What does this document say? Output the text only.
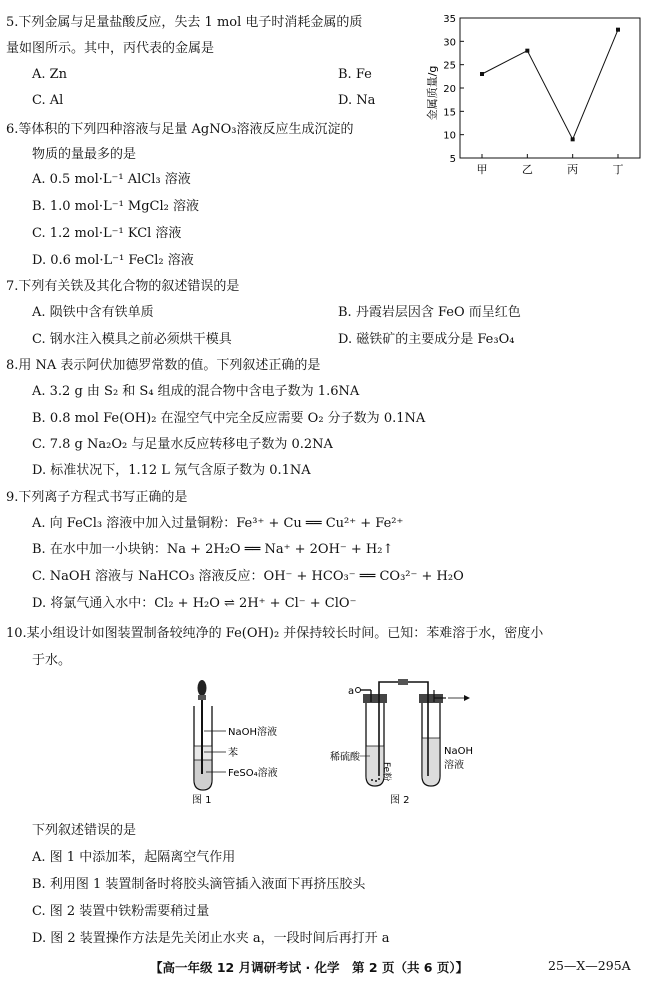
5.下列金属与足量盐酸反应，失去 1 mol 电子时消耗金属的质
量如图所示。其中，丙代表的金属是
A. Zn	B. Fe
C. Al	D. Na
5
10
15
20
25
30
35
甲	乙	丙	丁
金属质量/g
6.等体积的下列四种溶液与足量 AgNO₃溶液反应生成沉淀的
物质的量最多的是
A. 0.5 mol·L⁻¹ AlCl₃ 溶液
B. 1.0 mol·L⁻¹ MgCl₂ 溶液
C. 1.2 mol·L⁻¹ KCl 溶液
D. 0.6 mol·L⁻¹ FeCl₂ 溶液
7.下列有关铁及其化合物的叙述错误的是
A. 陨铁中含有铁单质	B. 丹霞岩层因含 FeO 而呈红色
C. 钢水注入模具之前必须烘干模具	D. 磁铁矿的主要成分是 Fe₃O₄
8.用 NA 表示阿伏加德罗常数的值。下列叙述正确的是
A. 3.2 g 由 S₂ 和 S₄ 组成的混合物中含电子数为 1.6NA
B. 0.8 mol Fe(OH)₂ 在湿空气中完全反应需要 O₂ 分子数为 0.1NA
C. 7.8 g Na₂O₂ 与足量水反应转移电子数为 0.2NA
D. 标准状况下，1.12 L 氖气含原子数为 0.1NA
9.下列离子方程式书写正确的是
A. 向 FeCl₃ 溶液中加入过量铜粉：Fe³⁺ + Cu ══ Cu²⁺ + Fe²⁺
B. 在水中加一小块钠：Na + 2H₂O ══ Na⁺ + 2OH⁻ + H₂↑
C. NaOH 溶液与 NaHCO₃ 溶液反应：OH⁻ + HCO₃⁻ ══ CO₃²⁻ + H₂O
D. 将氯气通入水中：Cl₂ + H₂O ⇌ 2H⁺ + Cl⁻ + ClO⁻
10.某小组设计如图装置制备较纯净的 Fe(OH)₂ 并保持较长时间。已知：苯难溶于水，密度小
于水。
NaOH溶液
苯
FeSO₄溶液
图 1
a
稀硫酸
Fe粉
NaOH
溶液
图 2
下列叙述错误的是
A. 图 1 中添加苯，起隔离空气作用
B. 利用图 1 装置制备时将胶头滴管插入液面下再挤压胶头
C. 图 2 装置中铁粉需要稍过量
D. 图 2 装置操作方法是先关闭止水夹 a，一段时间后再打开 a
【高一年级 12 月调研考试 · 化学　第 2 页（共 6 页）】	25—X—295A
